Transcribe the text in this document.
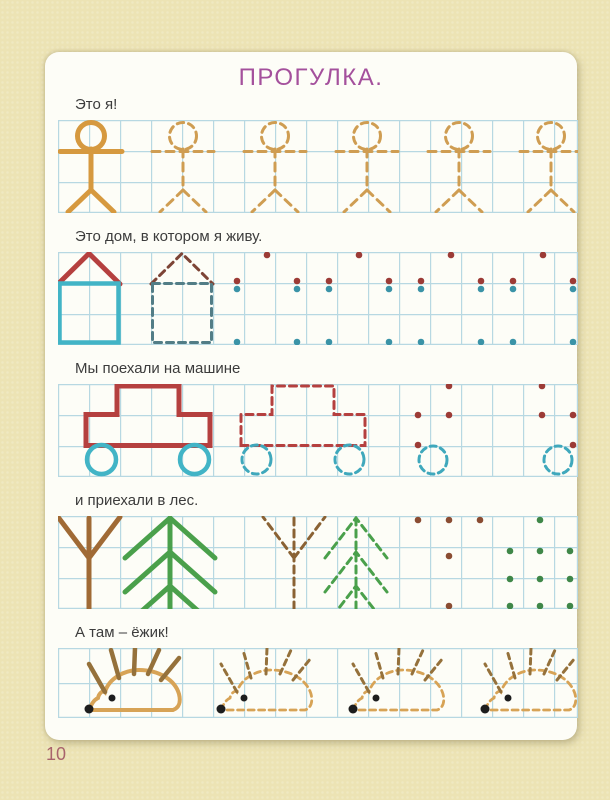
ПРОГУЛКА.
Это я!
Это дом, в котором я живу.
Мы поехали на машине
и приехали в лес.
А там – ёжик!
10
